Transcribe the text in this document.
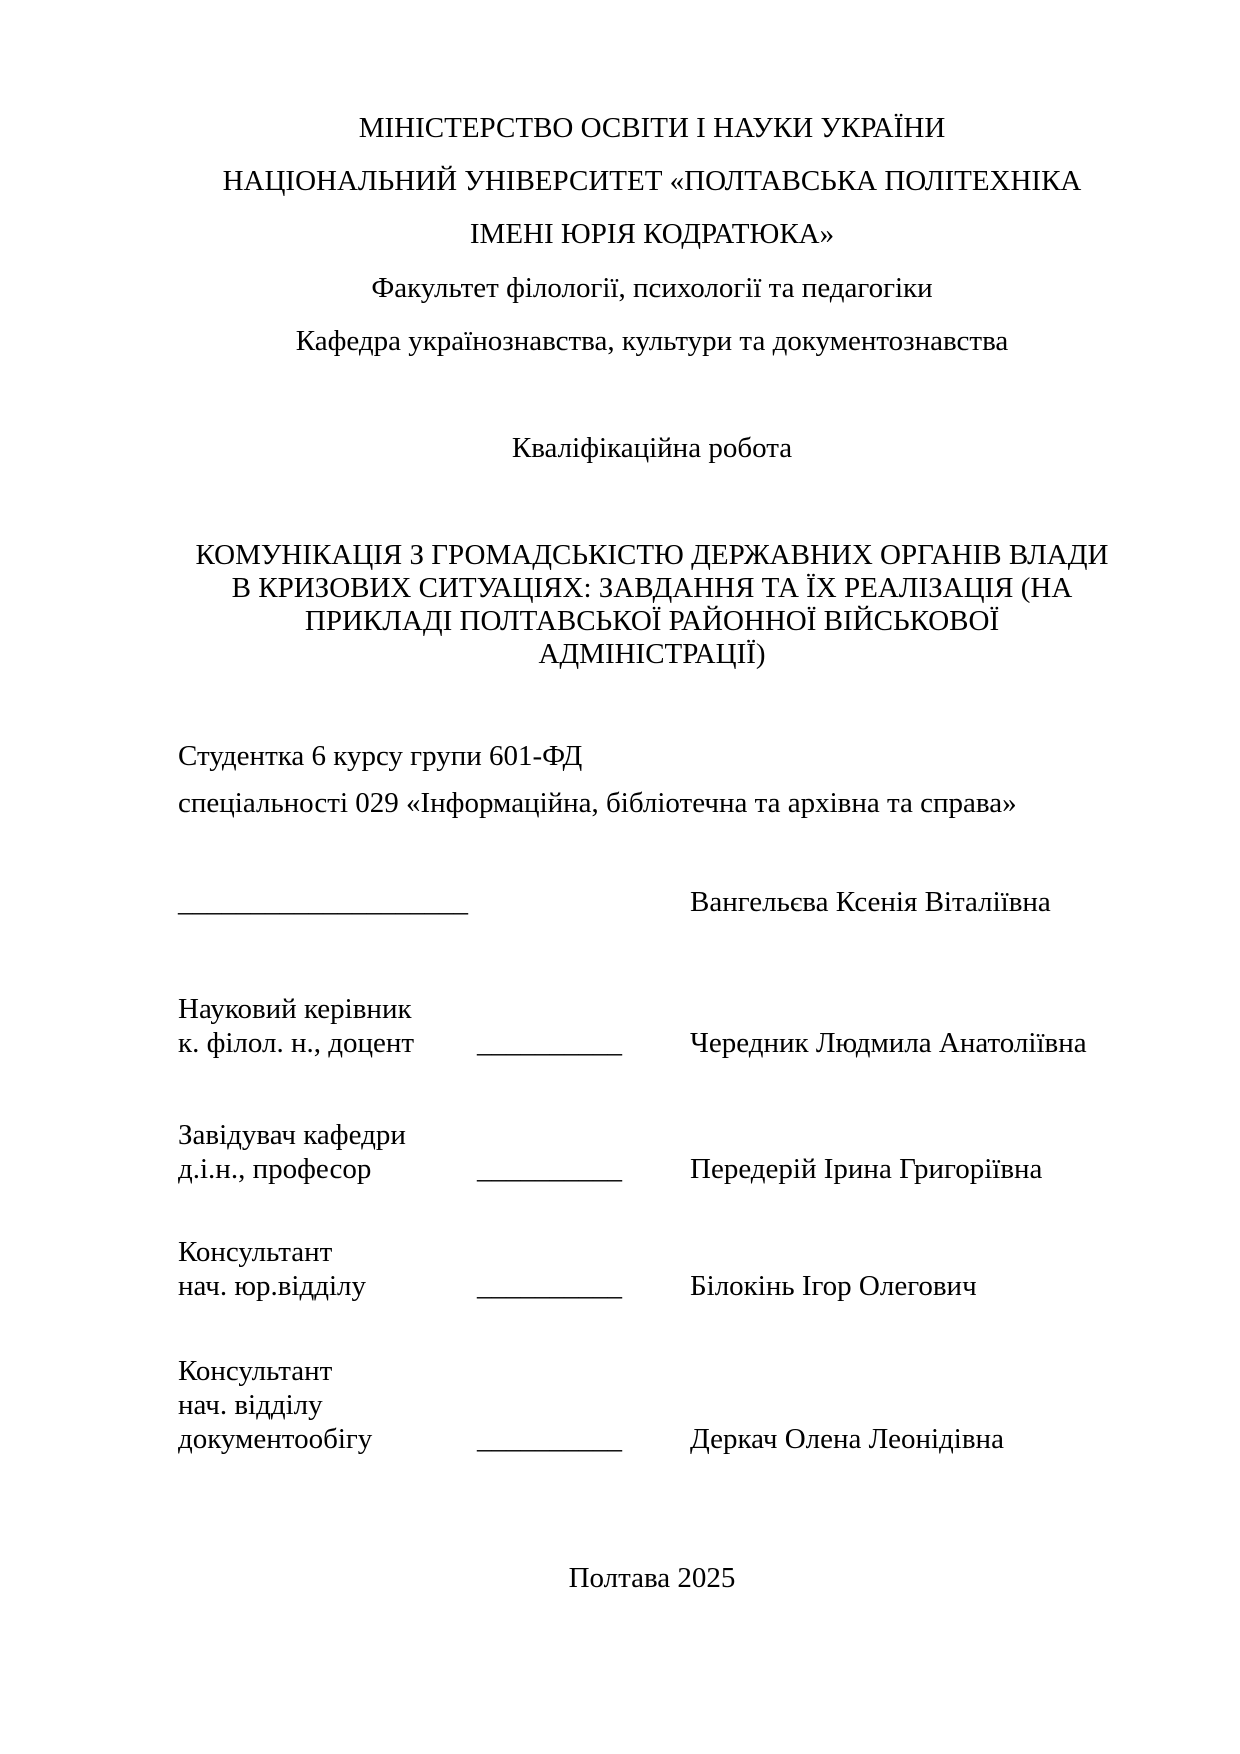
МІНІСТЕРСТВО ОСВІТИ І НАУКИ УКРАЇНИ
НАЦІОНАЛЬНИЙ УНІВЕРСИТЕТ «ПОЛТАВСЬКА ПОЛІТЕХНІКА
ІМЕНІ ЮРІЯ КОДРАТЮКА»
Факультет філології, психології та педагогіки
Кафедра українознавства, культури та документознавства
Кваліфікаційна робота
КОМУНІКАЦІЯ З ГРОМАДСЬКІСТЮ ДЕРЖАВНИХ ОРГАНІВ ВЛАДИ
В КРИЗОВИХ СИТУАЦІЯХ: ЗАВДАННЯ ТА ЇХ РЕАЛІЗАЦІЯ (НА
ПРИКЛАДІ ПОЛТАВСЬКОЇ РАЙОННОЇ ВІЙСЬКОВОЇ
АДМІНІСТРАЦІЇ)
Студентка 6 курсу групи 601-ФД
спеціальності 029 «Інформаційна, бібліотечна та архівна та справа»
____________________	Вангельєва Ксенія Віталіївна
Науковий керівник
к. філол. н., доцент	__________ Чередник Людмила Анатоліївна
Завідувач кафедри
д.і.н., професор	__________ Передерій Ірина Григоріївна
Консультант
нач. юр.відділу	__________ Білокінь Ігор Олегович
Консультант
нач. відділу
документообігу	__________ Деркач Олена Леонідівна
Полтава 2025
